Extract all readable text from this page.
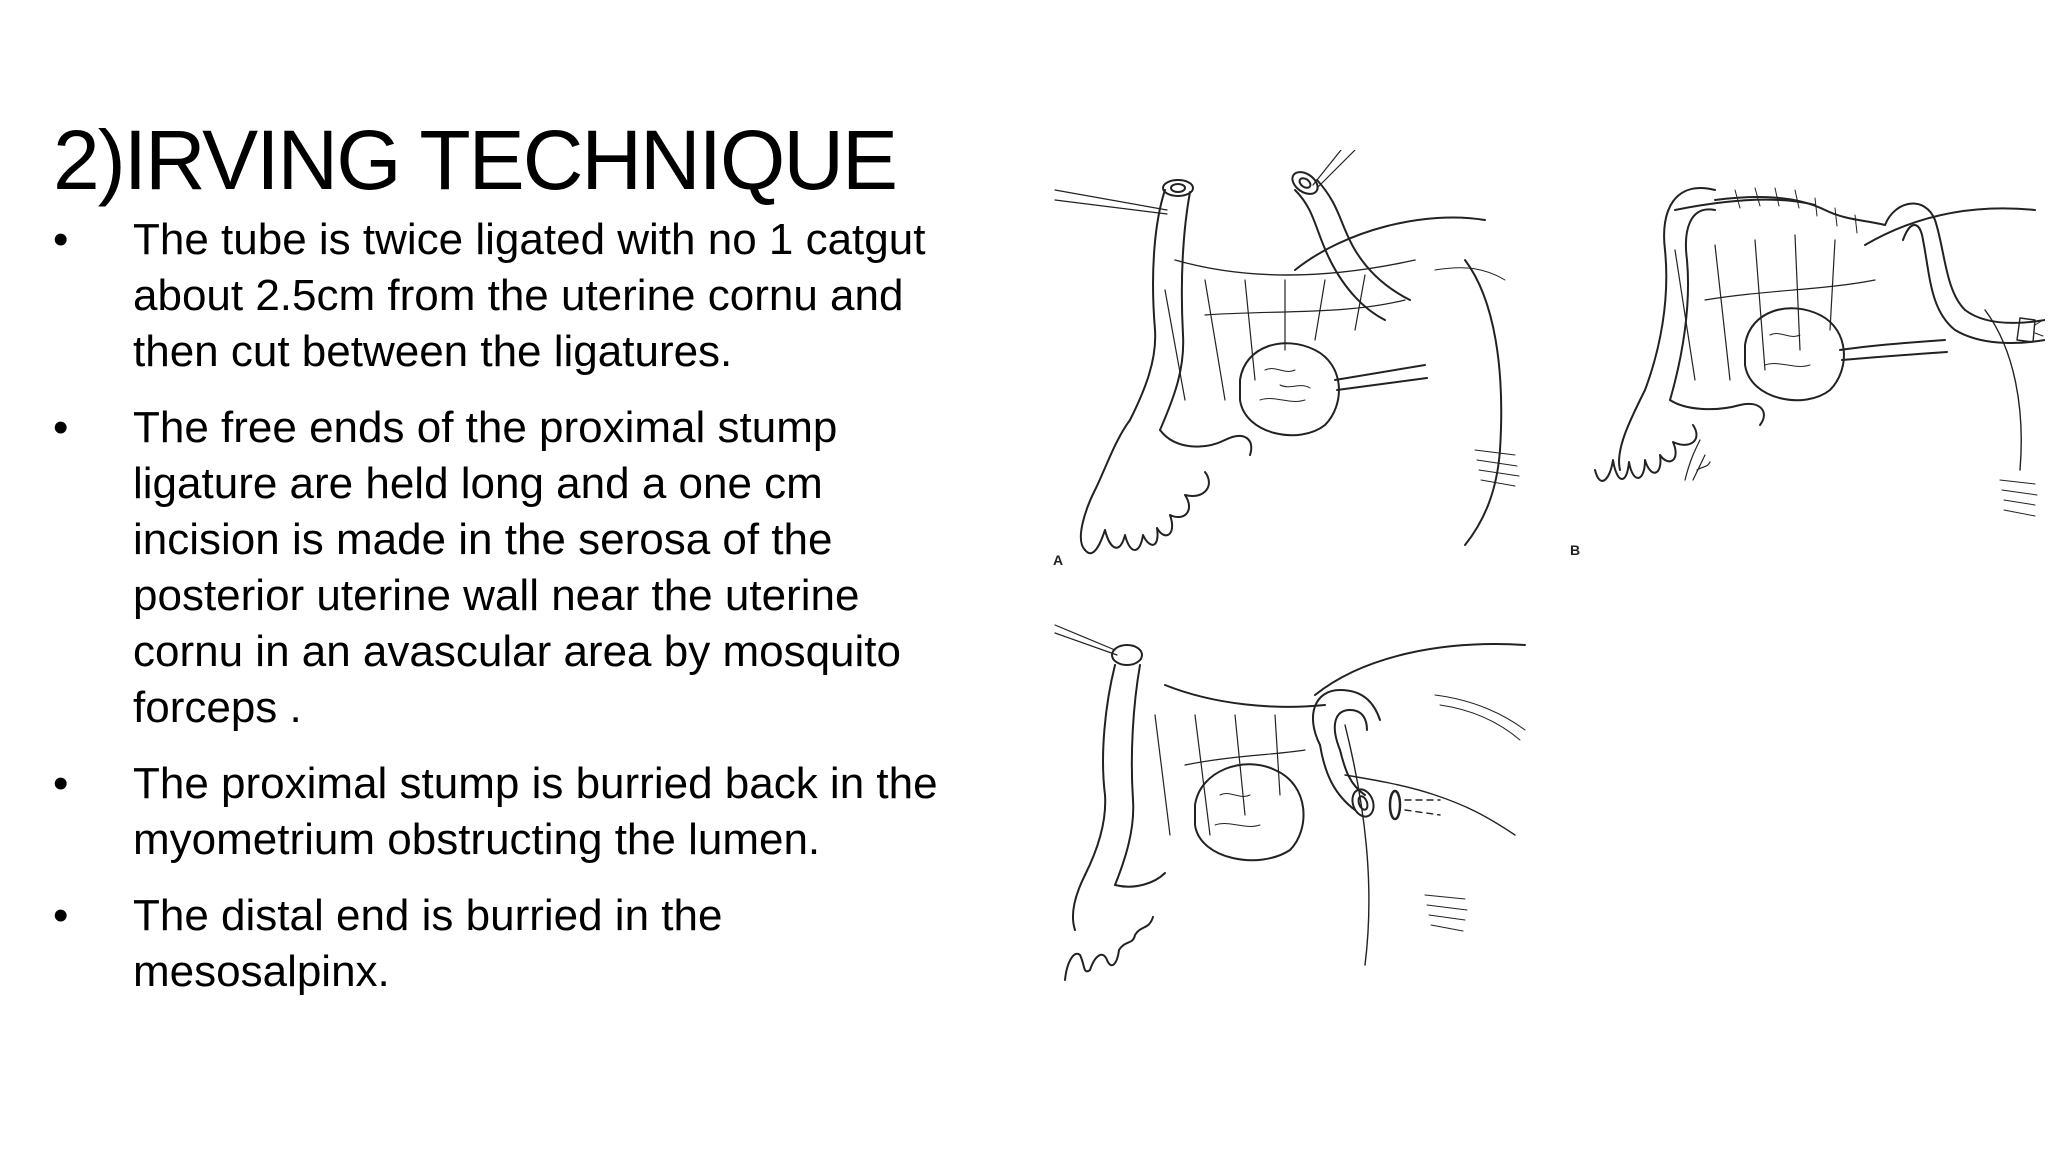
2)IRVING TECHNIQUE
• The tube is twice ligated with no 1 catgut
about 2.5cm from the uterine cornu and
then cut between the ligatures.
• The free ends of the proximal stump
ligature are held long and a one cm
incision is made in the serosa of the
posterior uterine wall near the uterine
cornu in an avascular area by mosquito
forceps .
• The proximal stump is burried back in the
myometrium obstructing the lumen.
• The distal end is burried in the
mesosalpinx.
A
B
